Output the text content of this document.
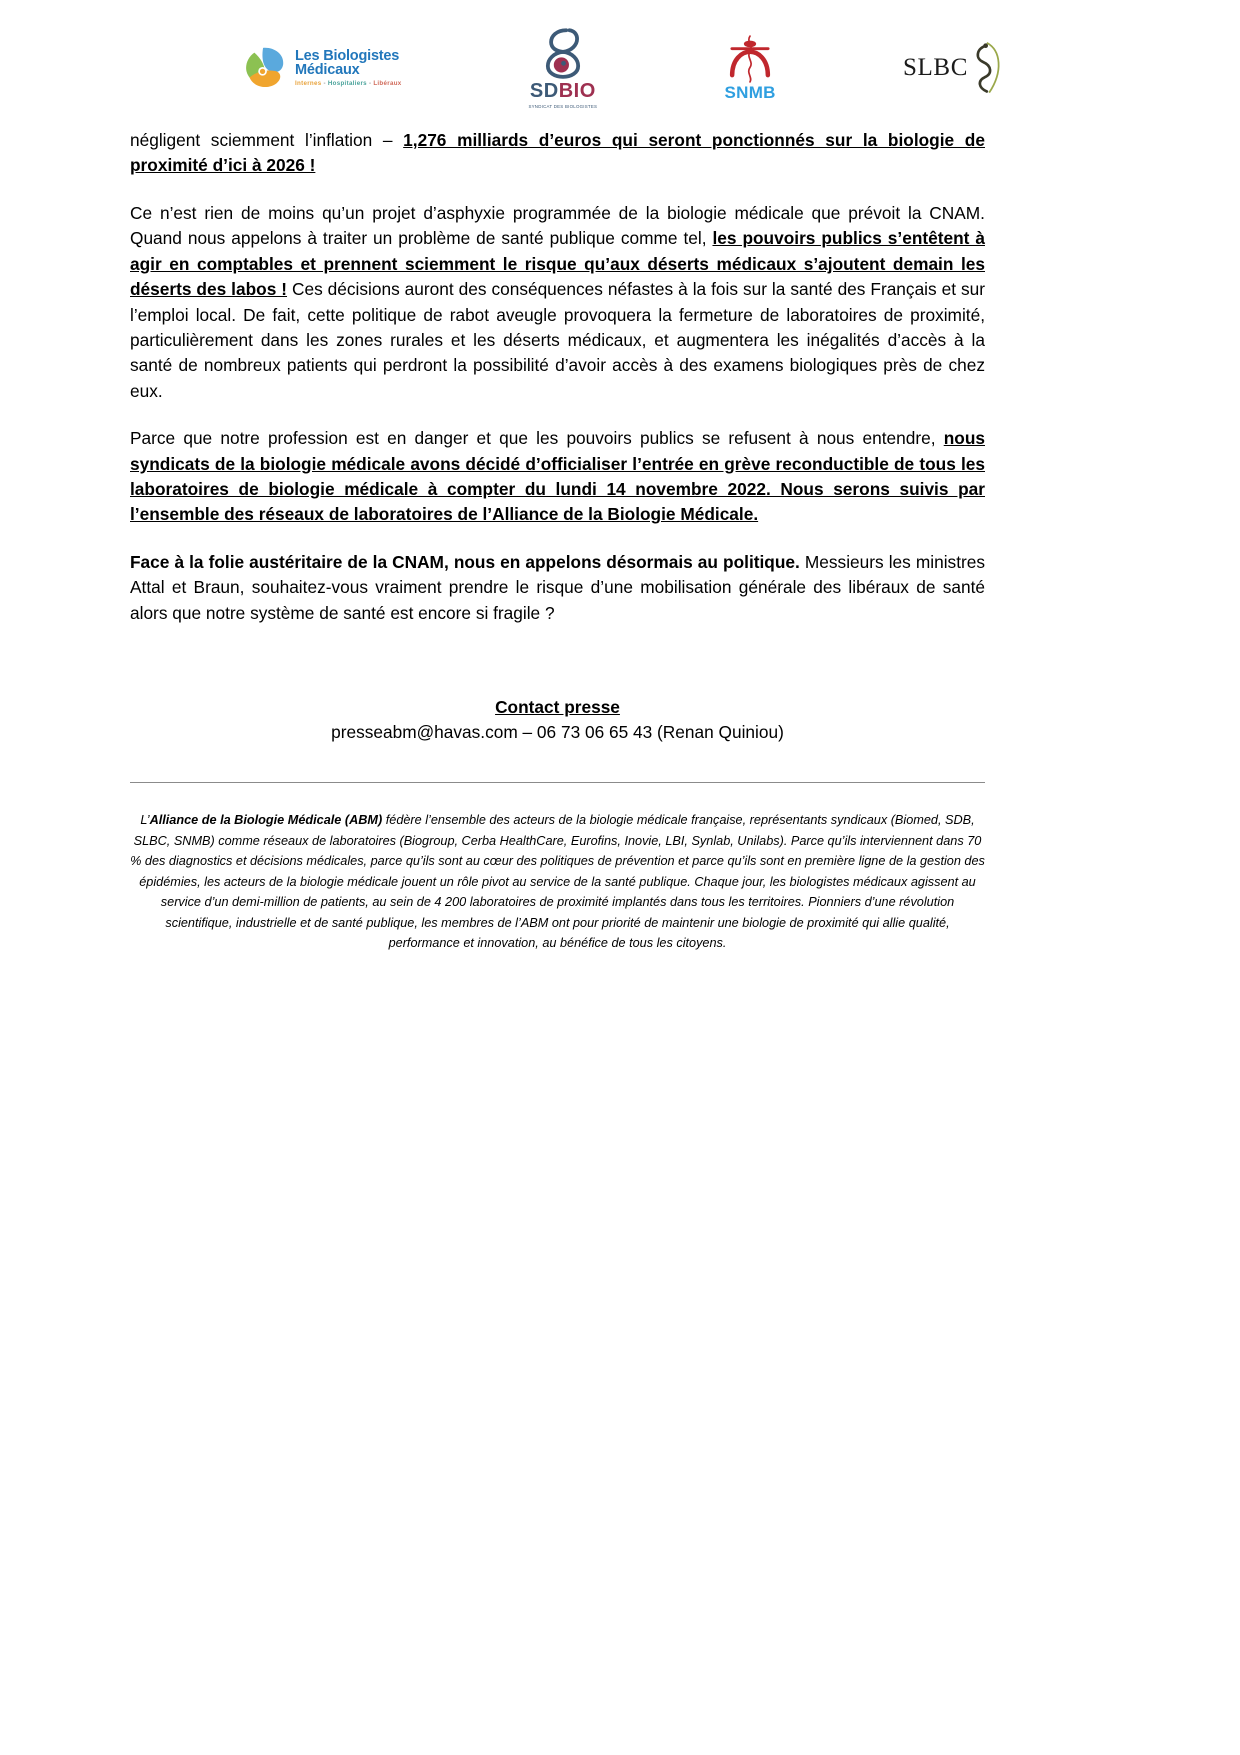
Les Biologistes
Médicaux
Internes - Hospitaliers - Libéraux	SDBIO
SYNDICAT DES BIOLOGISTES
SNMB
SLBC

négligent sciemment l’inflation – 1,276 milliards d’euros qui seront ponctionnés sur la biologie de proximité d’ici à 2026 !

Ce n’est rien de moins qu’un projet d’asphyxie programmée de la biologie médicale que prévoit la CNAM. Quand nous appelons à traiter un problème de santé publique comme tel, les pouvoirs publics s’entêtent à agir en comptables et prennent sciemment le risque qu’aux déserts médicaux s’ajoutent demain les déserts des labos ! Ces décisions auront des conséquences néfastes à la fois sur la santé des Français et sur l’emploi local. De fait, cette politique de rabot aveugle provoquera la fermeture de laboratoires de proximité, particulièrement dans les zones rurales et les déserts médicaux, et augmentera les inégalités d’accès à la santé de nombreux patients qui perdront la possibilité d’avoir accès à des examens biologiques près de chez eux.

Parce que notre profession est en danger et que les pouvoirs publics se refusent à nous entendre, nous syndicats de la biologie médicale avons décidé d’officialiser l’entrée en grève reconductible de tous les laboratoires de biologie médicale à compter du lundi 14 novembre 2022. Nous serons suivis par l’ensemble des réseaux de laboratoires de l’Alliance de la Biologie Médicale.

Face à la folie austéritaire de la CNAM, nous en appelons désormais au politique. Messieurs les ministres Attal et Braun, souhaitez-vous vraiment prendre le risque d’une mobilisation générale des libéraux de santé alors que notre système de santé est encore si fragile ?

Contact presse

presseabm@havas.com – 06 73 06 65 43 (Renan Quiniou)

L’Alliance de la Biologie Médicale (ABM) fédère l’ensemble des acteurs de la biologie médicale française, représentants syndicaux (Biomed, SDB, SLBC, SNMB) comme réseaux de laboratoires (Biogroup, Cerba HealthCare, Eurofins, Inovie, LBI, Synlab, Unilabs). Parce qu’ils interviennent dans 70 % des diagnostics et décisions médicales, parce qu’ils sont au cœur des politiques de prévention et parce qu’ils sont en première ligne de la gestion des épidémies, les acteurs de la biologie médicale jouent un rôle pivot au service de la santé publique. Chaque jour, les biologistes médicaux agissent au service d’un demi-million de patients, au sein de 4 200 laboratoires de proximité implantés dans tous les territoires. Pionniers d’une révolution scientifique, industrielle et de santé publique, les membres de l’ABM ont pour priorité de maintenir une biologie de proximité qui allie qualité, performance et innovation, au bénéfice de tous les citoyens.
